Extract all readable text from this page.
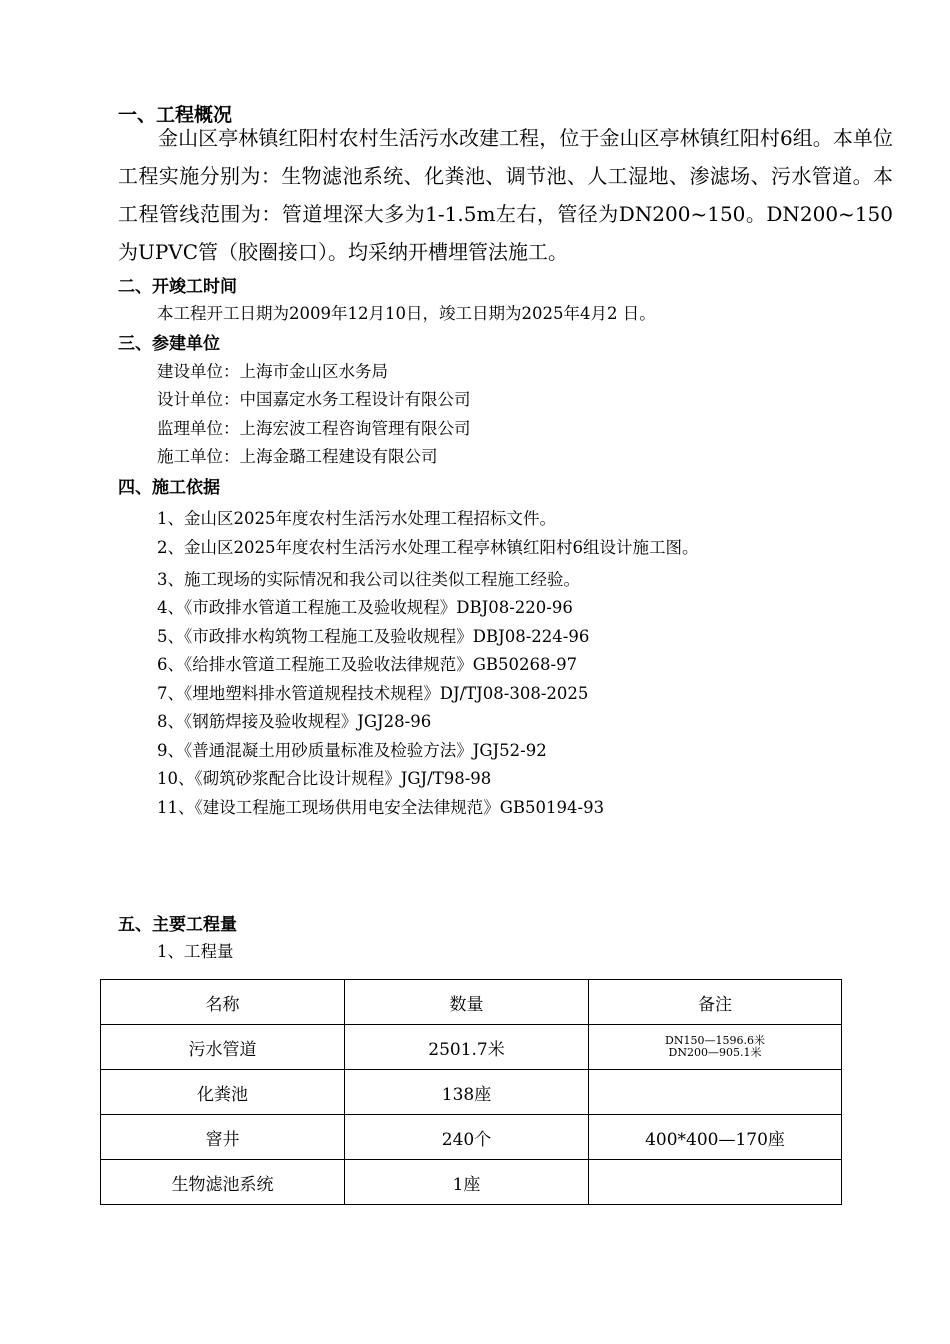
一、工程概况

金山区亭林镇红阳村农村生活污水改建工程，位于金山区亭林镇红阳村6组。本单位工程实施分别为：生物滤池系统、化粪池、调节池、人工湿地、渗滤场、污水管道。本工程管线范围为：管道埋深大多为1-1.5m左右，管径为DN200~150。DN200~150为UPVC管（胶圈接口）。均采纳开槽埋管法施工。

二、开竣工时间
本工程开工日期为2009年12月10日，竣工日期为2025年4月2 日。
三、参建单位
建设单位：上海市金山区水务局
设计单位：中国嘉定水务工程设计有限公司
监理单位：上海宏波工程咨询管理有限公司
施工单位：上海金璐工程建设有限公司
四、施工依据
1、金山区2025年度农村生活污水处理工程招标文件。
2、金山区2025年度农村生活污水处理工程亭林镇红阳村6组设计施工图。
3、施工现场的实际情况和我公司以往类似工程施工经验。
4、《市政排水管道工程施工及验收规程》DBJ08-220-96
5、《市政排水构筑物工程施工及验收规程》DBJ08-224-96
6、《给排水管道工程施工及验收法律规范》GB50268-97
7、《埋地塑料排水管道规程技术规程》DJ/TJ08-308-2025
8、《钢筋焊接及验收规程》JGJ28-96
9、《普通混凝土用砂质量标准及检验方法》JGJ52-92
10、《砌筑砂浆配合比设计规程》JGJ/T98-98
11、《建设工程施工现场供用电安全法律规范》GB50194-93
五、主要工程量
1、工程量
名称	数量	备注
污水管道	2501.7米	DN150—1596.6米
DN200—905.1米

化粪池	138座	
窨井	240个	400*400—170座
生物滤池系统	1座	
